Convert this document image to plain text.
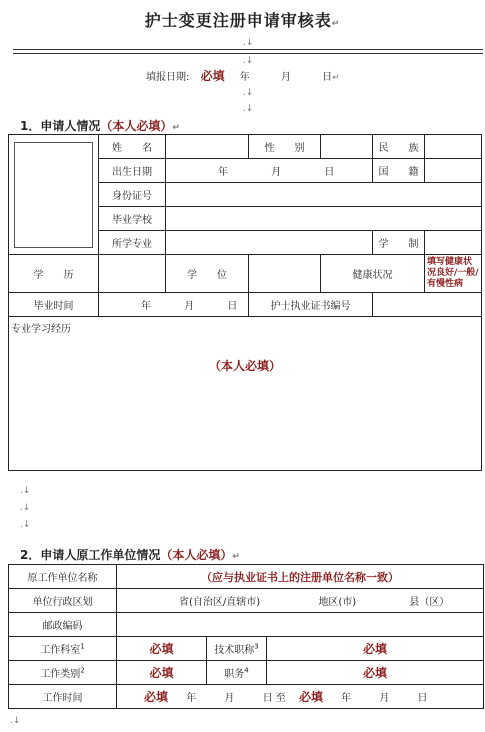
护士变更注册申请审核表↵
.↓
.↓
填报日期: 必填 年	月	日↵
.↓
.↓
1．申请人情况（本人必填）↵
	姓　　名		性　　别		民　　族	
	出生日期	年 月 日			国　　籍	
	身份证号					
	毕业学校					
	所学专业				学　　制	
学　　历		学　　位		健康状况		填写健康状况良好/一般/有慢性病
毕业时间	年 月 日		护士执业证书编号			

专业学习经历
（本人必填）						
.↓
.↓
.↓
2．申请人原工作单位情况（本人必填）↵
原工作单位名称	（应与执业证书上的注册单位名称一致）		
单位行政区划	省(自治区/直辖市) 地区(市) 县（区）		
邮政编码			
工作科室$^1$	必填	技术职称$^3$	必填
工作类别$^2$	必填	职务$^4$	必填
工作时间	必填 年 月 日 至 必填 年 月 日		
.↓
